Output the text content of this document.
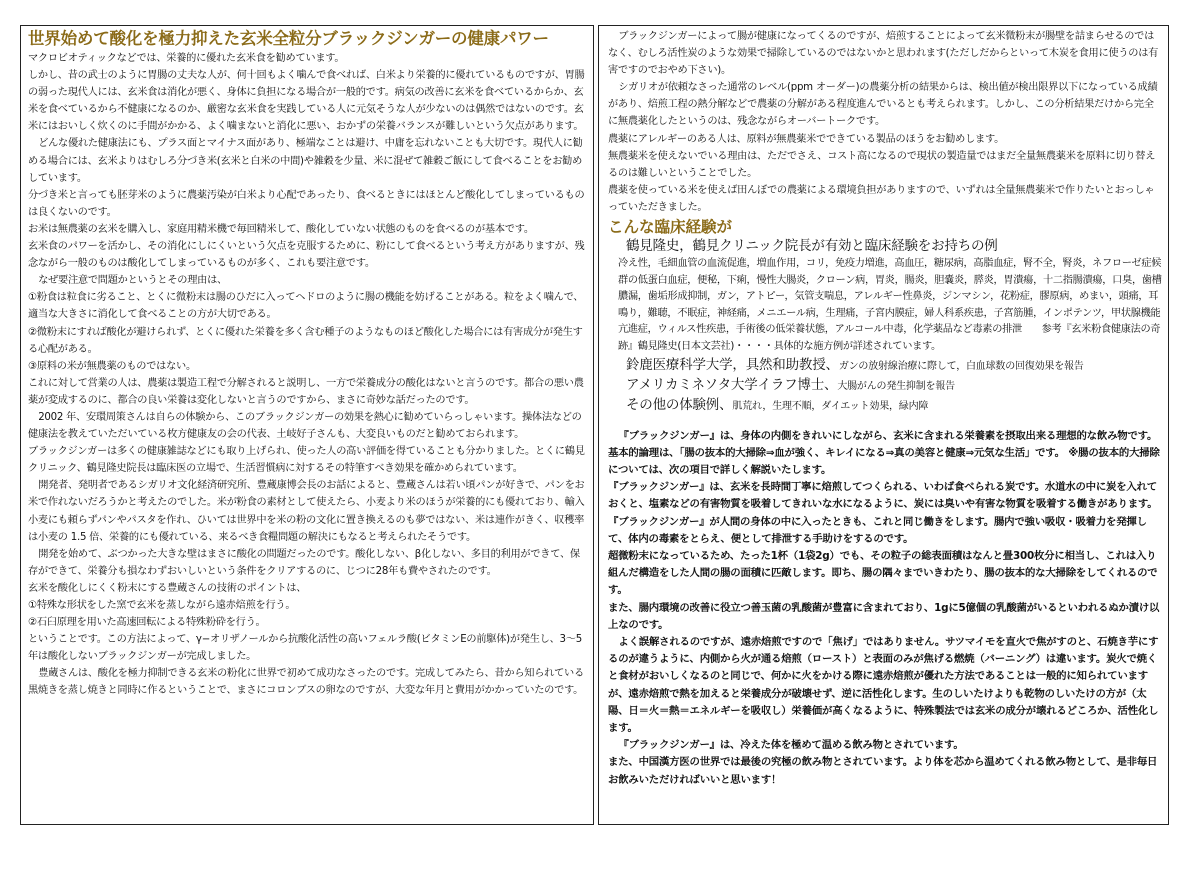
世界始めて酸化を極力抑えた玄米全粒分ブラックジンガーの健康パワー

マクロビオティックなどでは、栄養的に優れた玄米食を勧めています。

しかし、昔の武士のように胃腸の丈夫な人が、何十回もよく噛んで食べれば、白米より栄養的に優れているものですが、胃腸の弱った現代人には、玄米食は消化が悪く、身体に負担になる場合が一般的です。病気の改善に玄米を食べているからか、玄米を食べているから不健康になるのか、厳密な玄米食を実践している人に元気そうな人が少ないのは偶然ではないのです。玄米にはおいしく炊くのに手間がかかる、よく噛まないと消化に悪い、おかずの栄養バランスが難しいという欠点があります。

どんな優れた健康法にも、プラス面とマイナス面があり、極端なことは避け、中庸を忘れないことも大切です。現代人に勧める場合には、玄米よりはむしろ分づき米(玄米と白米の中間)や雑穀を少量、米に混ぜて雑穀ご飯にして食べることをお勧めしています。

分づき米と言っても胚芽米のように農薬汚染が白米より心配であったり、食べるときにはほとんど酸化してしまっているものは良くないのです。

お米は無農薬の玄米を購入し、家庭用精米機で毎回精米して、酸化していない状態のものを食べるのが基本です。

玄米食のパワーを活かし、その消化にしにくいという欠点を克服するために、粉にして食べるという考え方がありますが、残念ながら一般のものは酸化してしまっているものが多く、これも要注意です。

なぜ要注意で問題かというとその理由は、

①粉食は粒食に劣ること、とくに微粉末は腸のひだに入ってヘドロのように腸の機能を妨げることがある。粒をよく噛んで、適当な大きさに消化して食べることの方が大切である。

②微粉末にすれば酸化が避けられず、とくに優れた栄養を多く含む種子のようなものほど酸化した場合には有害成分が発生する心配がある。

③原料の米が無農薬のものではない。

これに対して営業の人は、農薬は製造工程で分解されると説明し、一方で栄養成分の酸化はないと言うのです。都合の悪い農薬が変成するのに、都合の良い栄養は変化しないと言うのですから、まさに奇妙な話だったのです。

2002 年、安環周策さんは自らの体験から、このブラックジンガーの効果を熱心に勧めていらっしゃいます。操体法などの健康法を教えていただいている枚方健康友の会の代表、土岐好子さんも、大変良いものだと勧めておられます。

ブラックジンガーは多くの健康雑誌などにも取り上げられ、使った人の高い評価を得ていることも分かりました。とくに鶴見クリニック、鶴見隆史院長は臨床医の立場で、生活習慣病に対するその特筆すべき効果を確かめられています。

開発者、発明者であるシガリオ文化経済研究所、豊蔵康博会長のお話によると、豊蔵さんは若い頃パンが好きで、パンをお米で作れないだろうかと考えたのでした。米が粉食の素材として使えたら、小麦より米のほうが栄養的にも優れており、輸入小麦にも頼らずパンやパスタを作れ、ひいては世界中を米の粉の文化に置き換えるのも夢ではない、米は連作がきく、収穫率は小麦の 1.5 倍、栄養的にも優れている、来るべき食糧問題の解決にもなると考えられたそうです。

開発を始めて、ぶつかった大きな壁はまさに酸化の問題だったのです。酸化しない、β化しない、多目的利用ができて、保存ができて、栄養分も損なわずおいしいという条件をクリアするのに、じつに28年も費やされたのです。

玄米を酸化しにくく粉末にする豊蔵さんの技術のポイントは、

①特殊な形状をした窯で玄米を蒸しながら遠赤焙煎を行う。

②石臼原理を用いた高速回転による特殊粉砕を行う。

ということです。この方法によって、γ−オリザノールから抗酸化活性の高いフェルラ酸(ビタミンEの前駆体)が発生し、3〜5 年は酸化しないブラックジンガーが完成しました。

豊蔵さんは、酸化を極力抑制できる玄米の粉化に世界で初めて成功なさったのです。完成してみたら、昔から知られている黒焼きを蒸し焼きと同時に作るということで、まさにコロンブスの卵なのですが、大変な年月と費用がかかっていたのです。

ブラックジンガーによって腸が健康になってくるのですが、焙煎することによって玄米微粉末が腸壁を詰まらせるのではなく、むしろ活性炭のような効果で掃除しているのではないかと思われます(ただしだからといって木炭を食用に使うのは有害ですのでおやめ下さい)。

シガリオが依頼なさった通常のレベル(ppm オーダー)の農薬分析の結果からは、検出値が検出限界以下になっている成績があり、焙煎工程の熱分解などで農薬の分解がある程度進んでいるとも考えられます。しかし、この分析結果だけから完全に無農薬化したというのは、残念ながらオーバートークです。

農薬にアレルギーのある人は、原料が無農薬米でできている製品のほうをお勧めします。

無農薬米を使えないでいる理由は、ただでさえ、コスト高になるので現状の製造量ではまだ全量無農薬米を原料に切り替えるのは難しいということでした。

農薬を使っている米を使えば田んぼでの農薬による環境負担がありますので、いずれは全量無農薬米で作りたいとおっしゃっていただきました。

こんな臨床経験が
鶴見隆史，鶴見クリニック院長が有効と臨床経験をお持ちの例

冷え性，毛細血管の血流促進，増血作用，コリ，免疫力増進，高血圧，糖尿病，高脂血症，腎不全，腎炎，ネフローゼ症候群の低蛋白血症，便秘，下痢，慢性大腸炎，クローン病，胃炎，腸炎，胆嚢炎，膵炎，胃潰瘍，十二指腸潰瘍，口臭，歯槽膿漏，歯垢形成抑制，ガン，アトピー，気管支喘息，アレルギー性鼻炎，ジンマシン，花粉症，膠原病，めまい，頭痛，耳鳴り，難聴，不眠症，神経痛，メニエール病，生理痛，子宮内膜症，婦人科系疾患，子宮筋腫，インポテンツ，甲状腺機能亢進症，ウィルス性疾患，手術後の低栄養状態，アルコール中毒，化学薬品など毒素の排泄　　参考『玄米粉食健康法の奇跡』鶴見隆史(日本文芸社)・・・・具体的な施方例が詳述されています。

鈴鹿医療科学大学，具然和助教授、ガンの放射線治療に際して，白血球数の回復効果を報告
アメリカミネソタ大学イラフ博士、大腸がんの発生抑制を報告
その他の体験例、肌荒れ，生理不順，ダイエット効果，緑内障

『ブラックジンガー』は、身体の内側をきれいにしながら、玄米に含まれる栄養素を摂取出来る理想的な飲み物です。基本的論理は、「腸の抜本的大掃除⇒血が強く、キレイになる⇒真の美容と健康⇒元気な生活」です。 ※腸の抜本的大掃除については、次の項目で詳しく解説いたします。

『ブラックジンガー』は、玄米を長時間丁寧に焙煎してつくられる、いわば食べられる炭です。水道水の中に炭を入れておくと、塩素などの有害物質を吸着してきれいな水になるように、炭には臭いや有害な物質を吸着する働きがあります。『ブラックジンガー』が人間の身体の中に入ったときも、これと同じ働きをします。腸内で強い吸収・吸着力を発揮して、体内の毒素をとらえ、便として排泄する手助けをするのです。

超微粉末になっているため、たった1杯（1袋2g）でも、その粒子の総表面積はなんと畳300枚分に相当し、これは入り組んだ構造をした人間の腸の面積に匹敵します。即ち、腸の隅々までいきわたり、腸の抜本的な大掃除をしてくれるのです。

また、腸内環境の改善に役立つ善玉菌の乳酸菌が豊富に含まれており、1gに5億個の乳酸菌がいるといわれるぬか漬け以上なのです。

よく誤解されるのですが、遠赤焙煎ですので「焦げ」ではありません。サツマイモを直火で焦がすのと、石焼き芋にするのが違うように、内側から火が通る焙煎（ロースト）と表面のみが焦げる燃焼（バーニング）は違います。炭火で焼くと食材がおいしくなるのと同じで、何かに火をかける際に遠赤焙煎が優れた方法であることは一般的に知られていますが、遠赤焙煎で熱を加えると栄養成分が破壊せず、逆に活性化します。生のしいたけよりも乾物のしいたけの方が（太陽、日＝火＝熱＝エネルギーを吸収し）栄養価が高くなるように、特殊製法では玄米の成分が壊れるどころか、活性化します。

『ブラックジンガー』は、冷えた体を極めて温める飲み物とされています。

また、中国漢方医の世界では最後の究極の飲み物とされています。より体を芯から温めてくれる飲み物として、是非毎日お飲みいただければいいと思います！
